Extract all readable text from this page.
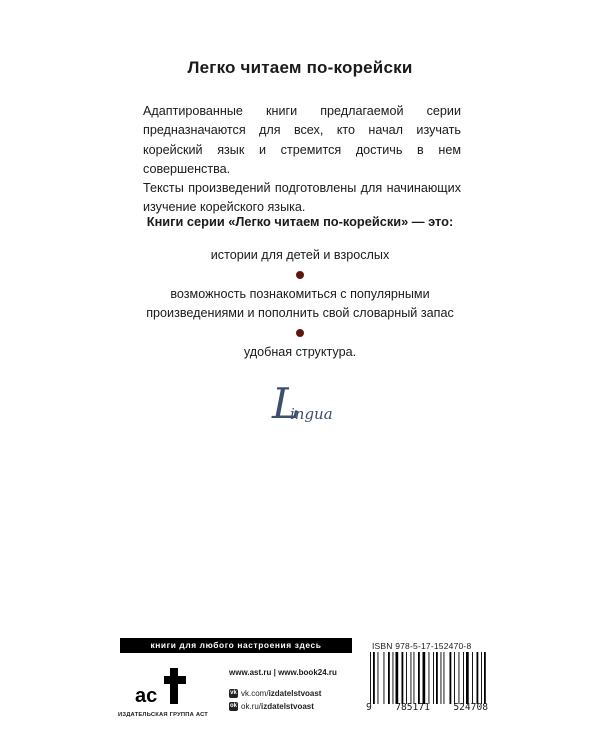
Легко читаем по-корейски

Адаптированные книги предлагаемой серии предназначаются для всех, кто начал изучать корейский язык и стремится достичь в нем совершенства.

Тексты произведений подготовлены для начинающих изучение корейского языка.

Книги серии «Легко читаем по-корейски» — это:

истории для детей и взрослых

возможность познакомиться с популярными произведениями и пополнить свой словарный запас

удобная структура.

L
ingua
книги для любого настроения здесь
ас
ИЗДАТЕЛЬСКАЯ ГРУППА АСТ
www.ast.ru | www.book24.ru
vk vk.com/ izdatelstvoast
ok ok.ru/ izdatelstvoast
ISBN 978-5-17-152470-8
9 785171 524708
